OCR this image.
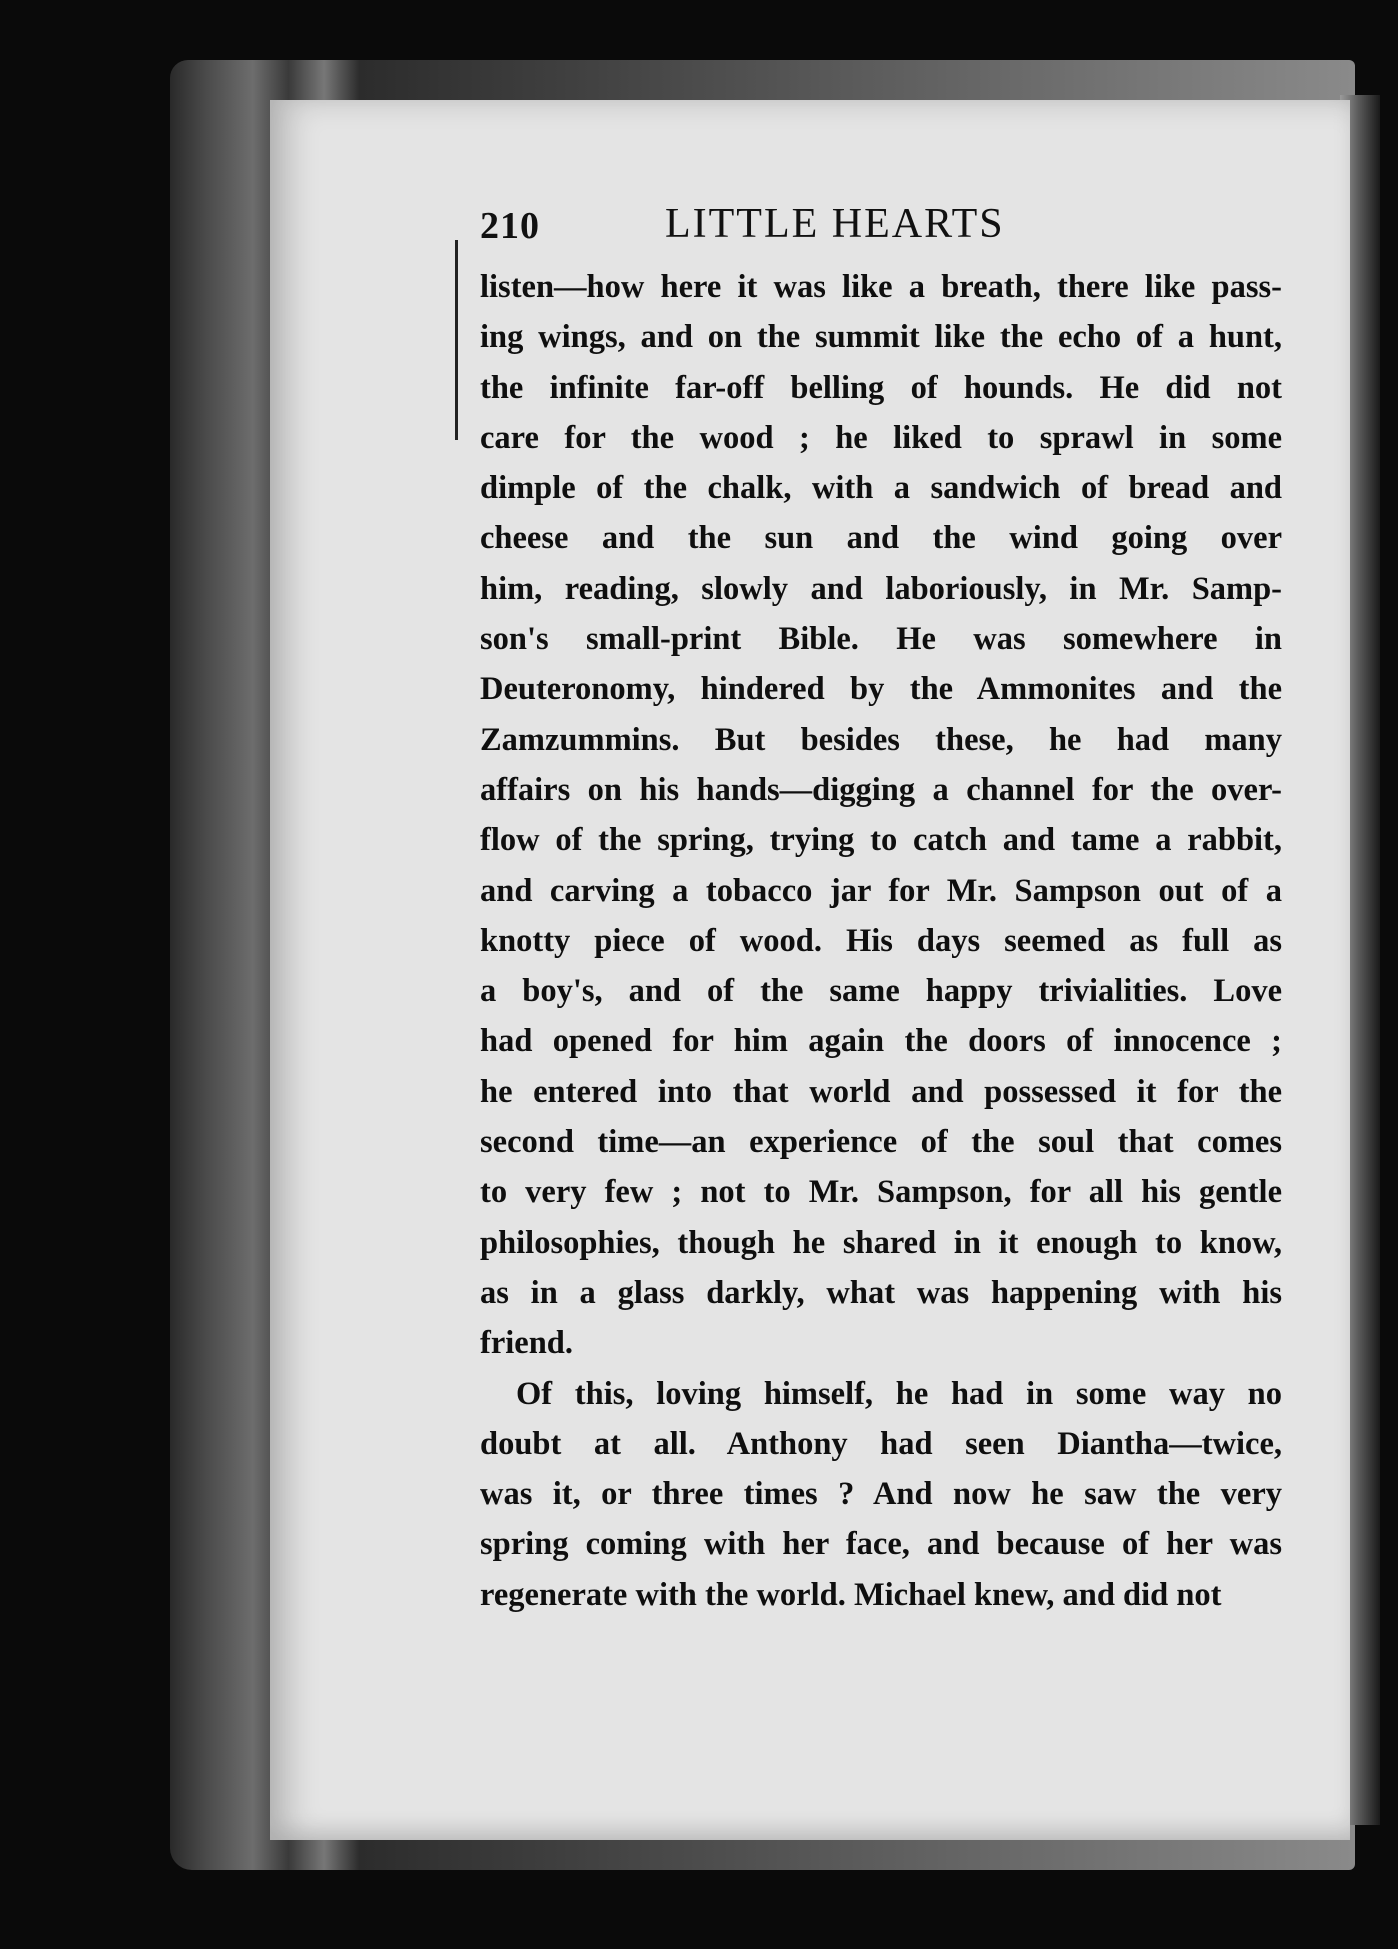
210	LITTLE HEARTS
listen—how here it was like a breath, there like pass-
ing wings, and on the summit like the echo of a hunt,
the infinite far-off belling of hounds. He did not
care for the wood ; he liked to sprawl in some
dimple of the chalk, with a sandwich of bread and
cheese and the sun and the wind going over
him, reading, slowly and laboriously, in Mr. Samp-
son's small-print Bible. He was somewhere in
Deuteronomy, hindered by the Ammonites and the
Zamzummins. But besides these, he had many
affairs on his hands—digging a channel for the over-
flow of the spring, trying to catch and tame a rabbit,
and carving a tobacco jar for Mr. Sampson out of a
knotty piece of wood. His days seemed as full as
a boy's, and of the same happy trivialities. Love
had opened for him again the doors of innocence ;
he entered into that world and possessed it for the
second time—an experience of the soul that comes
to very few ; not to Mr. Sampson, for all his gentle
philosophies, though he shared in it enough to know,
as in a glass darkly, what was happening with his
friend.
Of this, loving himself, he had in some way no
doubt at all. Anthony had seen Diantha—twice,
was it, or three times ? And now he saw the very
spring coming with her face, and because of her was
regenerate with the world. Michael knew, and did not
